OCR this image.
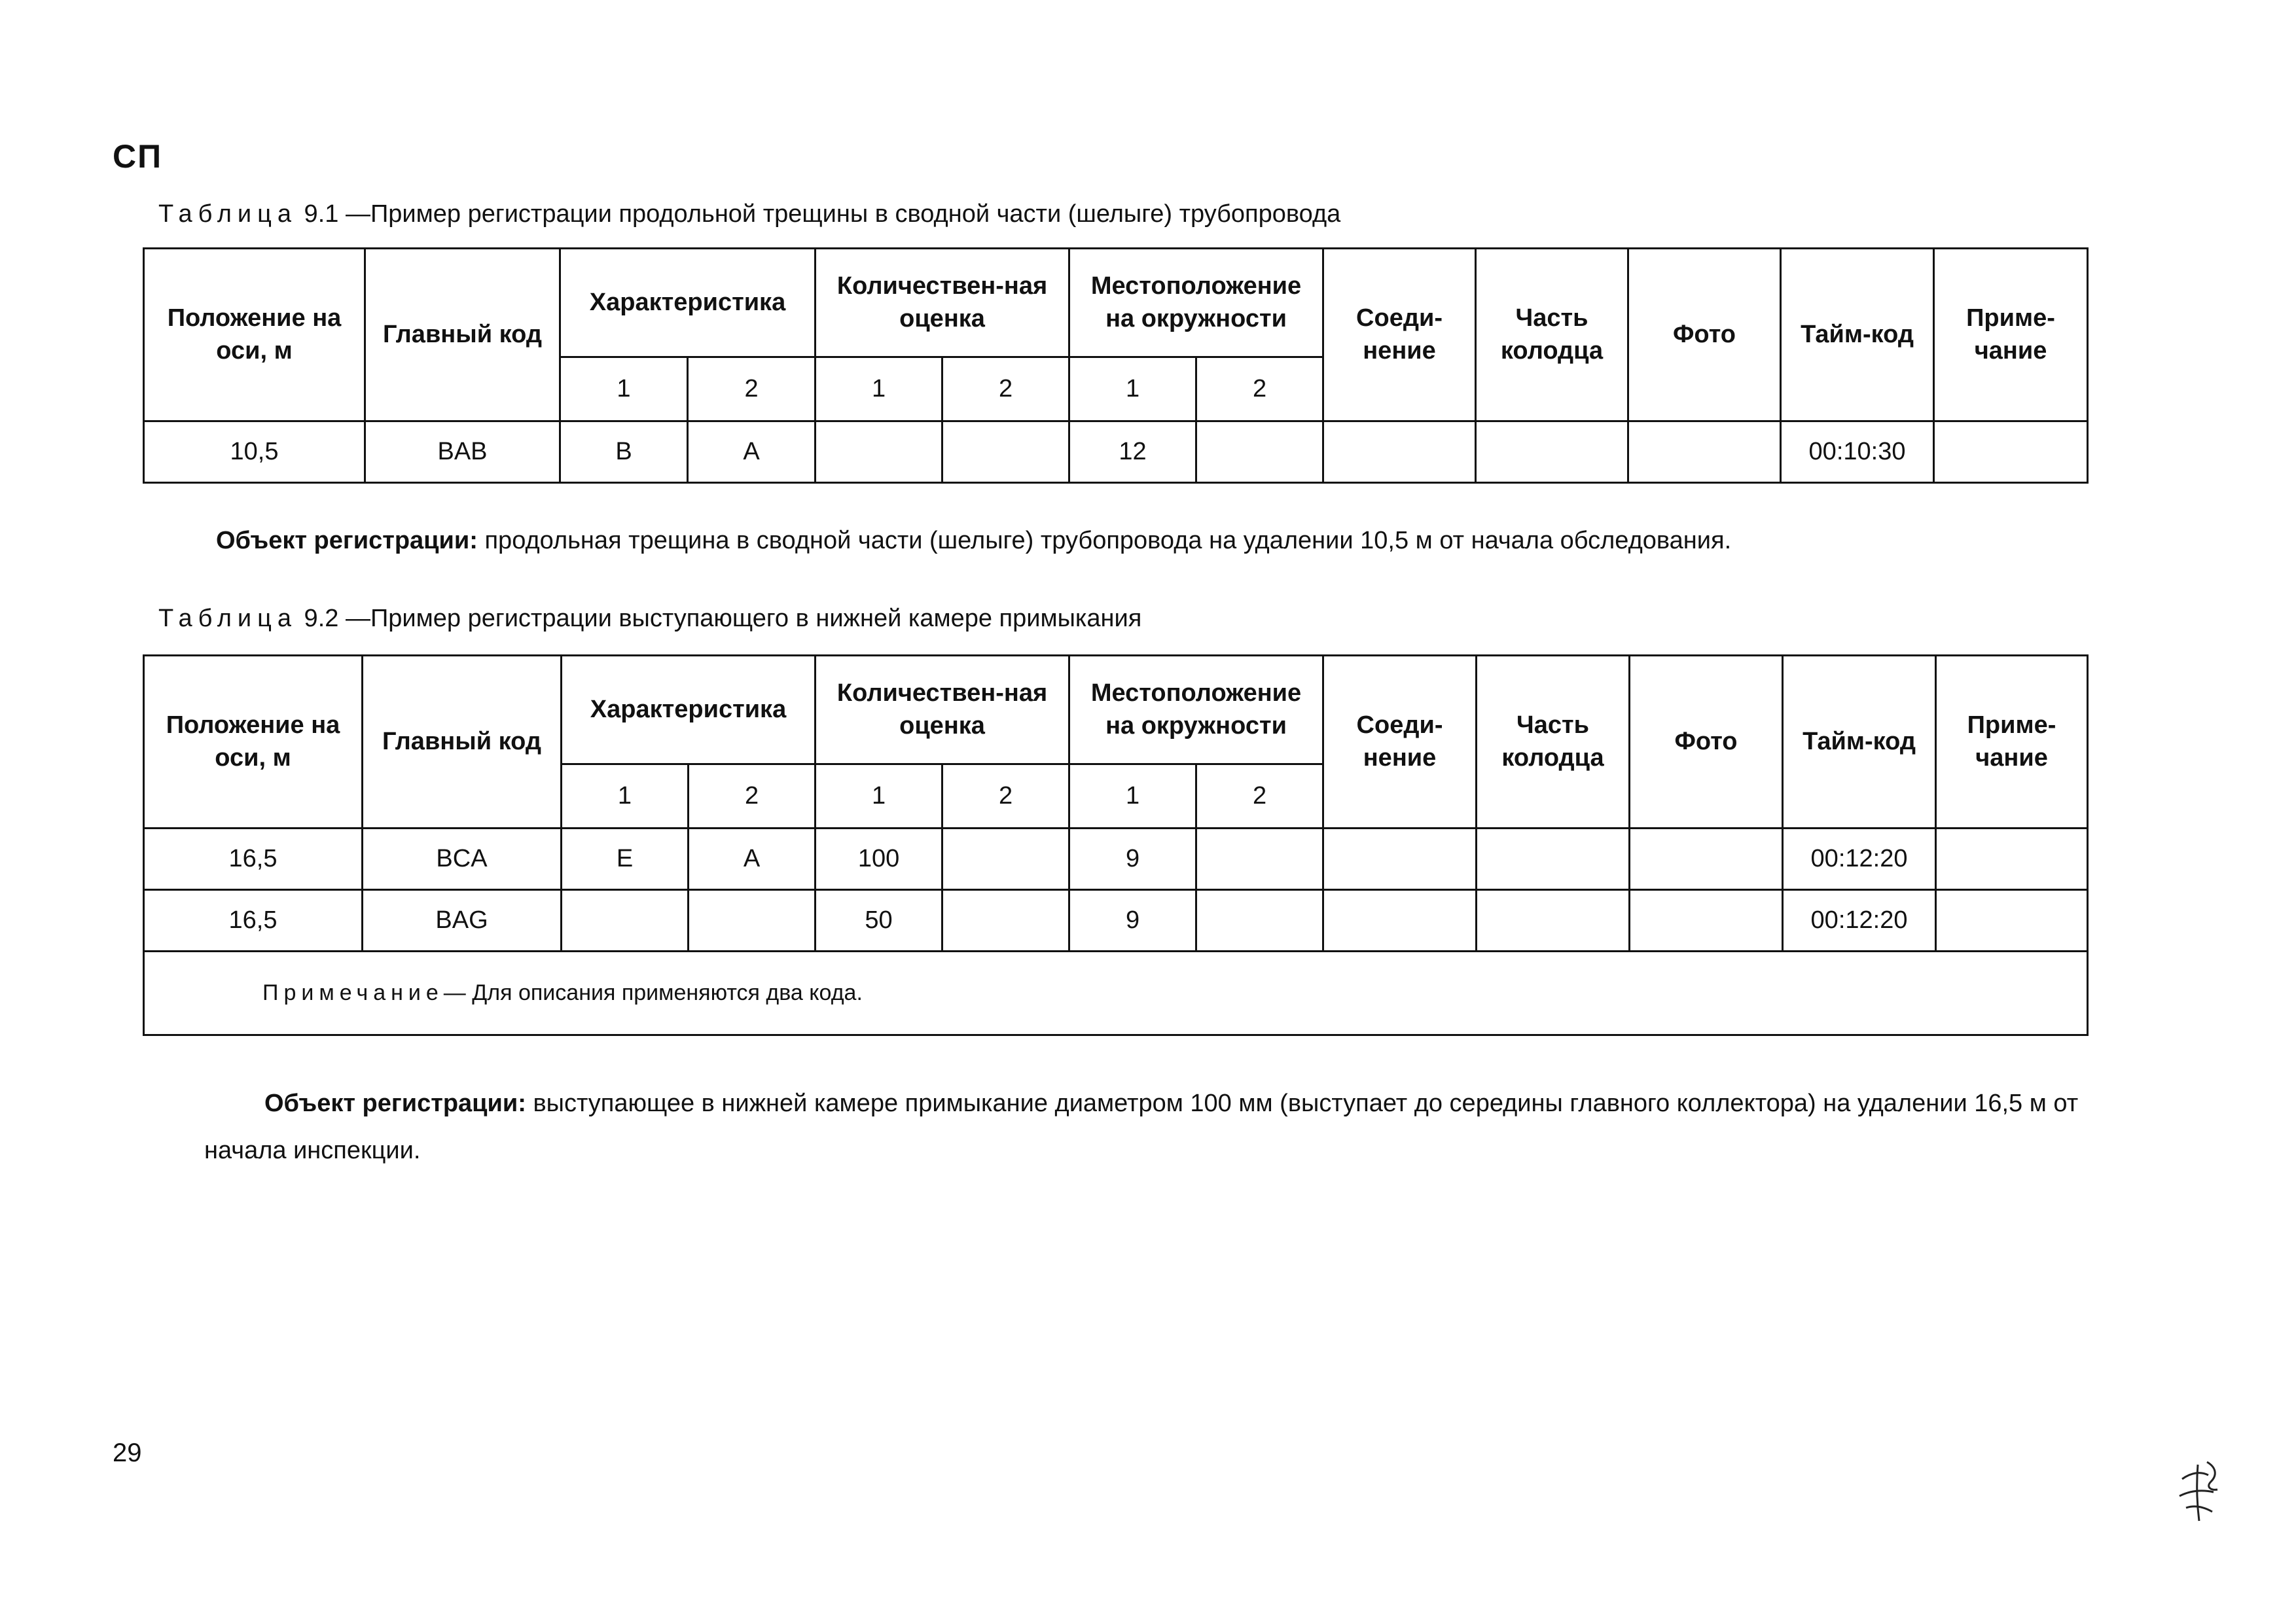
СП
Таблица 9.1 —Пример регистрации продольной трещины в сводной части (шелыге) трубопровода
Положение на оси, м	Главный код	Характеристика		Количествен-ная оценка		Местоположение на окружности		Соеди-нение	Часть колодца	Фото	Тайм-код	Приме-чание
		1	2	1	2	1	2					
10,5	BAB	B	A			12					00:10:30	
Объект регистрации: продольная трещина в сводной части (шелыге) трубопровода на удалении 10,5 м от начала обследования.
Таблица 9.2 —Пример регистрации выступающего в нижней камере примыкания
Положение на оси, м	Главный код	Характеристика		Количествен-ная оценка		Местоположение на окружности		Соеди-нение	Часть колодца	Фото	Тайм-код	Приме-чание
		1	2	1	2	1	2					
16,5	BCA	E	A	100		9					00:12:20	
16,5	BAG			50		9					00:12:20	
Примечание— Для описания применяются два кода.												
Объект регистрации: выступающее в нижней камере примыкание диаметром 100 мм (выступает до середины главного коллектора) на удалении 16,5 м от начала инспекции.
29
